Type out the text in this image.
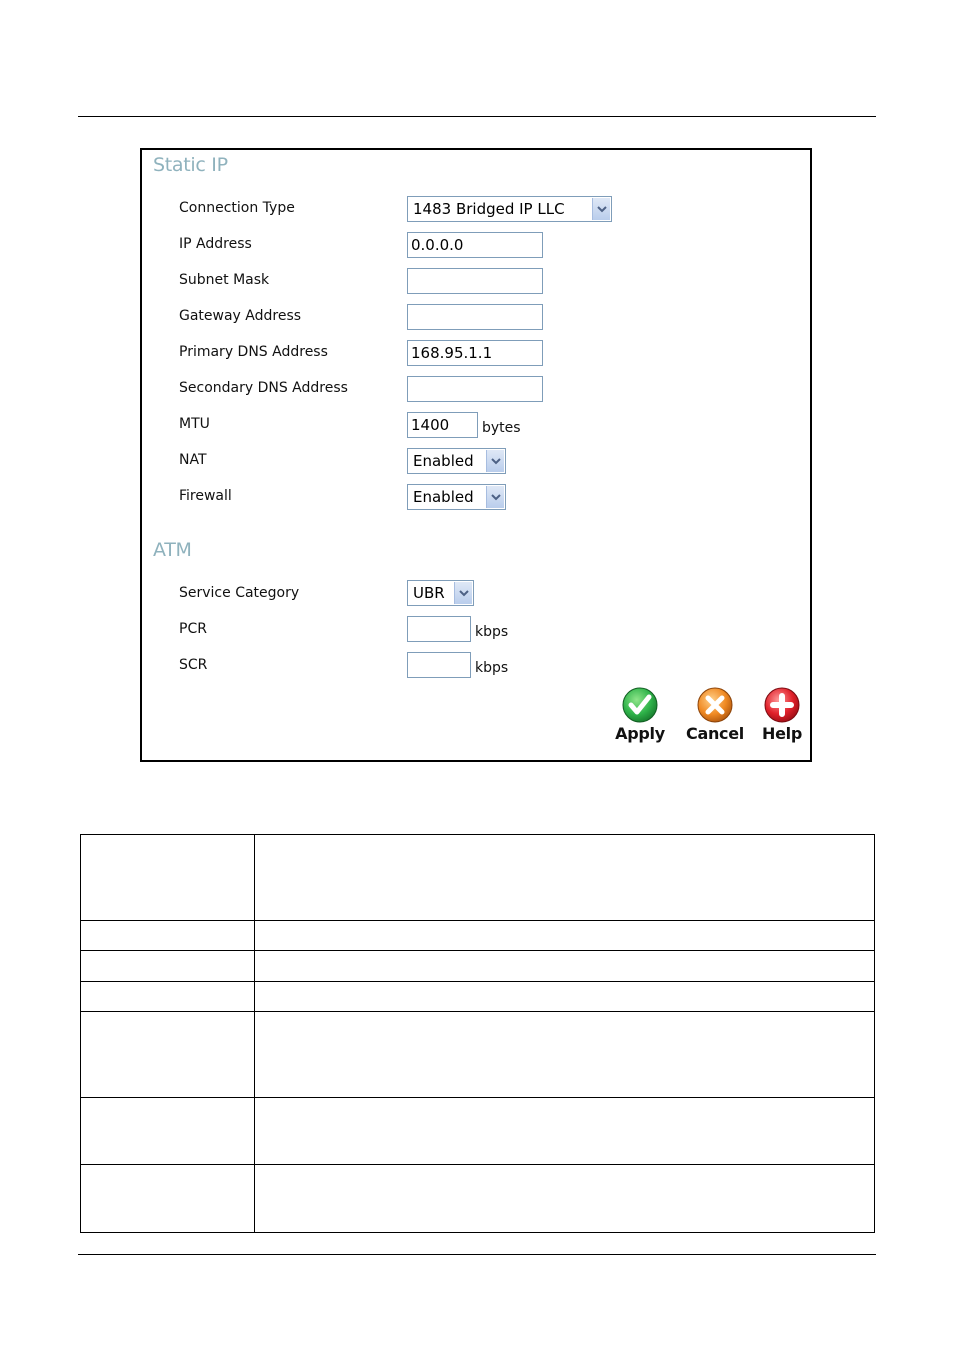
Static IP
Connection Type	1483 Bridged IP LLC
IP Address	0.0.0.0
Subnet Mask
Gateway Address
Primary DNS Address	168.95.1.1
Secondary DNS Address
MTU	1400	bytes
NAT	Enabled
Firewall	Enabled
ATM
Service Category	UBR
PCR	kbps
SCR	kbps
Apply Cancel Help
